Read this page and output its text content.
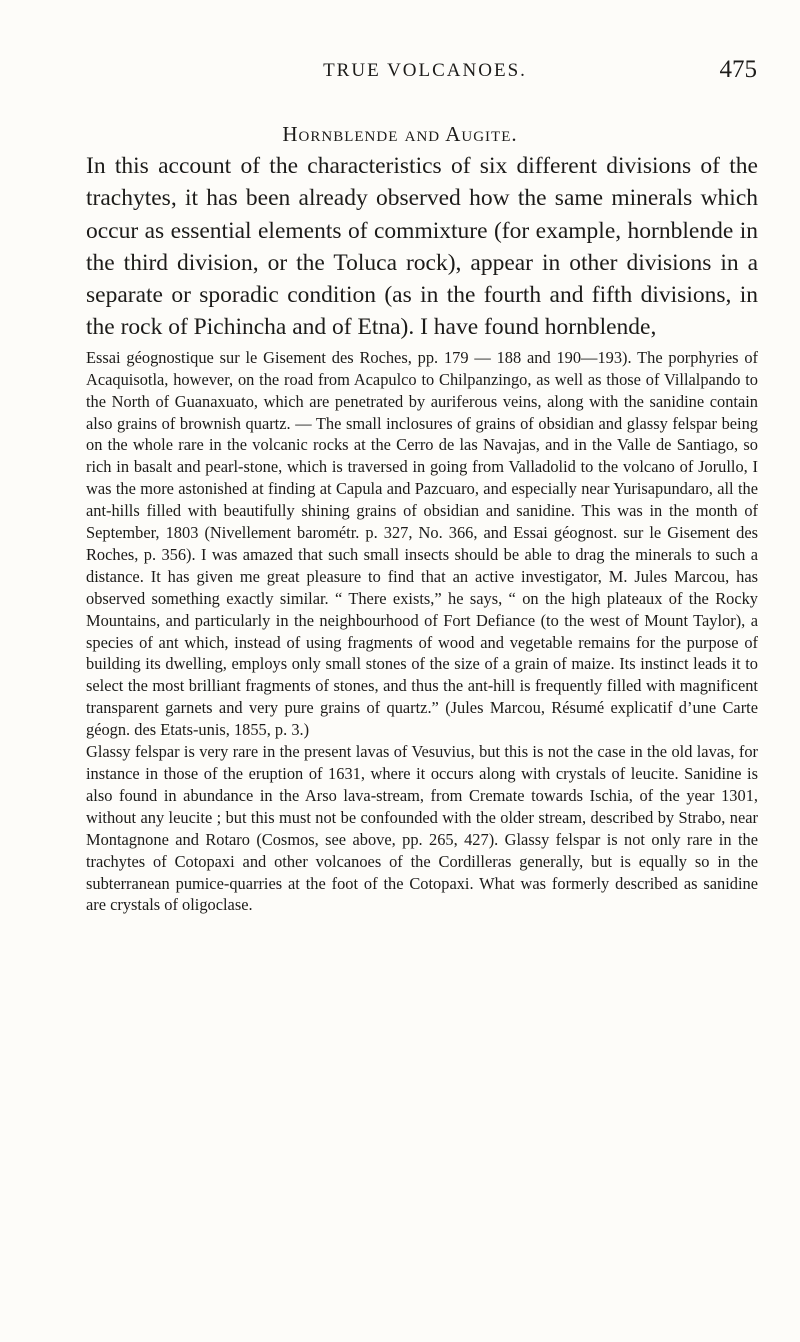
TRUE VOLCANOES.	475
Hornblende and Augite.

In this account of the characteristics of six different divisions of the trachytes, it has been already observed how the same minerals which occur as essential elements of commixture (for example, hornblende in the third division, or the Toluca rock), appear in other divisions in a separate or sporadic condition (as in the fourth and fifth divisions, in the rock of Pichincha and of Etna). I have found hornblende,

Essai géognostique sur le Gisement des Roches, pp. 179 — 188 and 190—193). The porphyries of Acaquisotla, however, on the road from Acapulco to Chilpanzingo, as well as those of Villalpando to the North of Guanaxuato, which are penetrated by auriferous veins, along with the sanidine contain also grains of brownish quartz. — The small inclosures of grains of obsidian and glassy felspar being on the whole rare in the volcanic rocks at the Cerro de las Navajas, and in the Valle de Santiago, so rich in basalt and pearl-stone, which is traversed in going from Valladolid to the volcano of Jorullo, I was the more astonished at finding at Capula and Pazcuaro, and especially near Yurisapundaro, all the ant-hills filled with beautifully shining grains of obsidian and sanidine. This was in the month of September, 1803 (Nivellement barométr. p. 327, No. 366, and Essai géognost. sur le Gisement des Roches, p. 356). I was amazed that such small insects should be able to drag the minerals to such a distance. It has given me great pleasure to find that an active investigator, M. Jules Marcou, has observed something exactly similar. “ There exists,” he says, “ on the high plateaux of the Rocky Mountains, and particularly in the neighbourhood of Fort Defiance (to the west of Mount Taylor), a species of ant which, instead of using fragments of wood and vegetable remains for the purpose of building its dwelling, employs only small stones of the size of a grain of maize. Its instinct leads it to select the most brilliant fragments of stones, and thus the ant-hill is frequently filled with magnificent transparent garnets and very pure grains of quartz.” (Jules Marcou, Résumé explicatif d’une Carte géogn. des Etats-unis, 1855, p. 3.)

Glassy felspar is very rare in the present lavas of Vesuvius, but this is not the case in the old lavas, for instance in those of the eruption of 1631, where it occurs along with crystals of leucite. Sanidine is also found in abundance in the Arso lava-stream, from Cremate towards Ischia, of the year 1301, without any leucite ; but this must not be confounded with the older stream, described by Strabo, near Montagnone and Rotaro (Cosmos, see above, pp. 265, 427). Glassy felspar is not only rare in the trachytes of Cotopaxi and other volcanoes of the Cordilleras generally, but is equally so in the subterranean pumice-quarries at the foot of the Cotopaxi. What was formerly described as sanidine are crystals of oligoclase.
